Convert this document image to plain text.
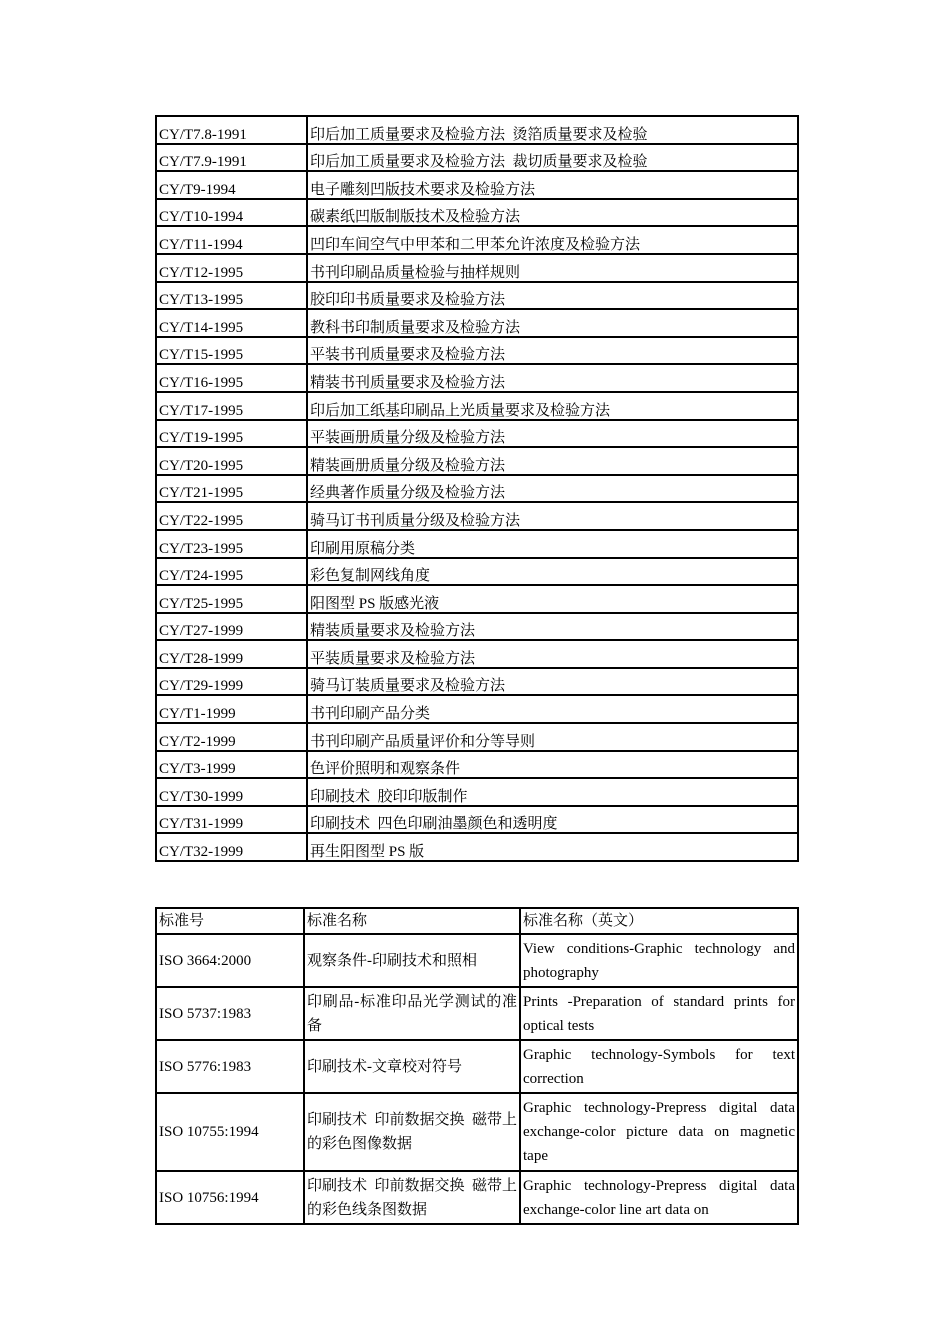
CY/T7.8-1991	印后加工质量要求及检验方法  烫箔质量要求及检验
CY/T7.9-1991	印后加工质量要求及检验方法  裁切质量要求及检验
CY/T9-1994	电子雕刻凹版技术要求及检验方法
CY/T10-1994	碳素纸凹版制版技术及检验方法
CY/T11-1994	凹印车间空气中甲苯和二甲苯允许浓度及检验方法
CY/T12-1995	书刊印刷品质量检验与抽样规则
CY/T13-1995	胶印印书质量要求及检验方法
CY/T14-1995	教科书印制质量要求及检验方法
CY/T15-1995	平装书刊质量要求及检验方法
CY/T16-1995	精装书刊质量要求及检验方法
CY/T17-1995	印后加工纸基印刷品上光质量要求及检验方法
CY/T19-1995	平装画册质量分级及检验方法
CY/T20-1995	精装画册质量分级及检验方法
CY/T21-1995	经典著作质量分级及检验方法
CY/T22-1995	骑马订书刊质量分级及检验方法
CY/T23-1995	印刷用原稿分类
CY/T24-1995	彩色复制网线角度
CY/T25-1995	阳图型 PS 版感光液
CY/T27-1999	精装质量要求及检验方法
CY/T28-1999	平装质量要求及检验方法
CY/T29-1999	骑马订装质量要求及检验方法
CY/T1-1999	书刊印刷产品分类
CY/T2-1999	书刊印刷产品质量评价和分等导则
CY/T3-1999	色评价照明和观察条件
CY/T30-1999	印刷技术  胶印印版制作
CY/T31-1999	印刷技术  四色印刷油墨颜色和透明度
CY/T32-1999	再生阳图型 PS 版
标准号	标准名称	标准名称（英文）
ISO 3664:2000	观察条件-印刷技术和照相	View conditions-Graphic technology and photography
ISO 5737:1983	印刷品-标准印品光学测试的准备	Prints -Preparation of standard prints for optical tests
ISO 5776:1983	印刷技术-文章校对符号	Graphic technology-Symbols for text correction
ISO 10755:1994	印刷技术  印前数据交换  磁带上的彩色图像数据	Graphic technology-Prepress digital data exchange-color picture data on magnetic tape
ISO 10756:1994	印刷技术  印前数据交换  磁带上的彩色线条图数据	Graphic technology-Prepress digital data exchange-color line art data on
